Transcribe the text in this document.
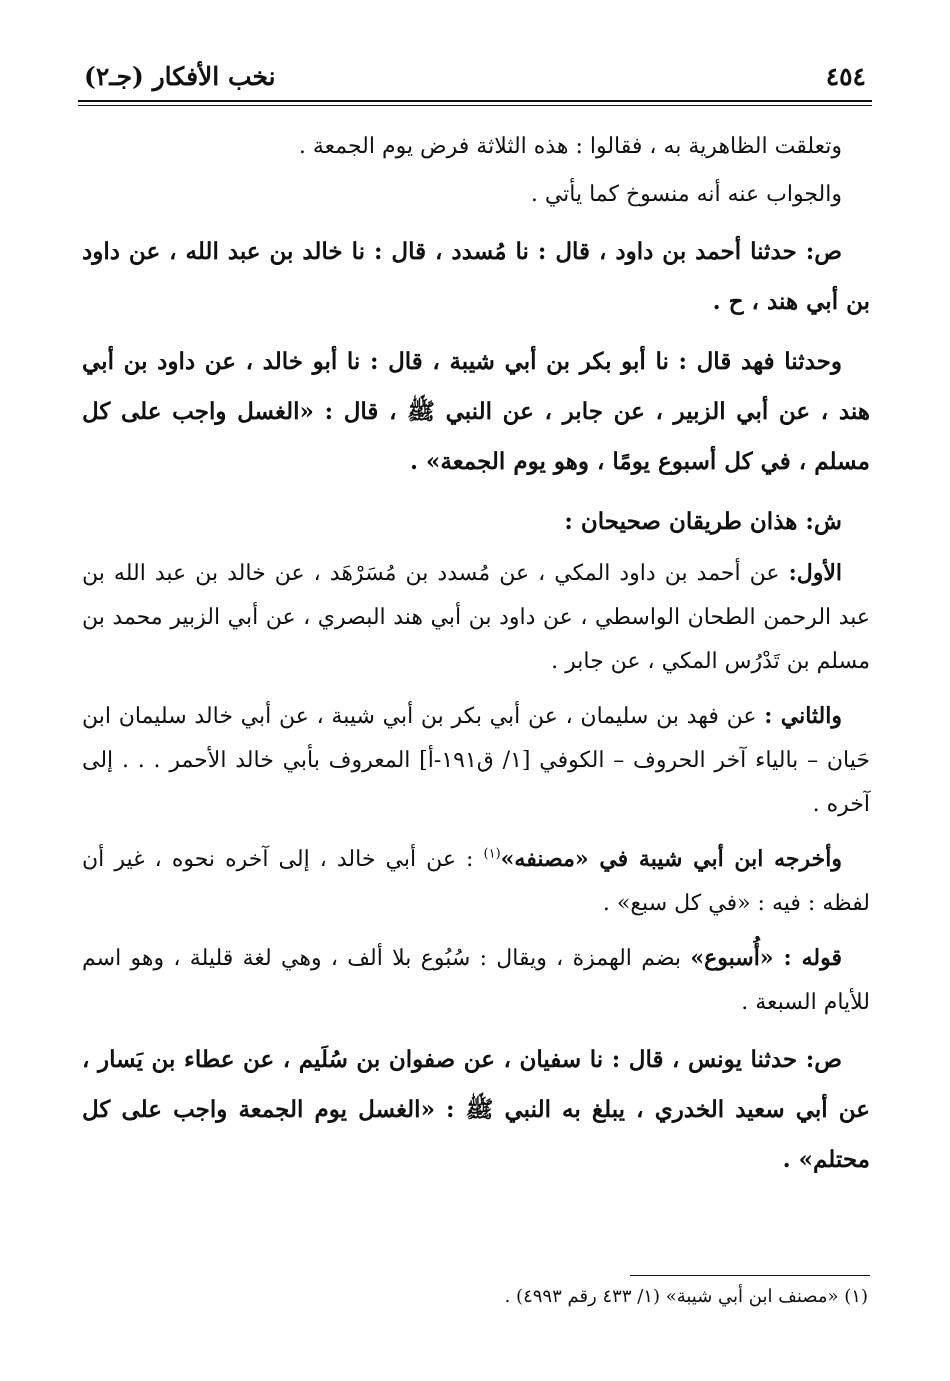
٤٥٤
نخب الأفكار (جـ٢)

وتعلقت الظاهرية به ، فقالوا : هذه الثلاثة فرض يوم الجمعة .

والجواب عنه أنه منسوخ كما يأتي .

ص: حدثنا أحمد بن داود ، قال : نا مُسدد ، قال : نا خالد بن عبد الله ، عن داود بن أبي هند ، ح .

وحدثنا فهد قال : نا أبو بكر بن أبي شيبة ، قال : نا أبو خالد ، عن داود بن أبي هند ، عن أبي الزبير ، عن جابر ، عن النبي ﷺ ، قال : «الغسل واجب على كل مسلم ، في كل أسبوع يومًا ، وهو يوم الجمعة» .

ش: هذان طريقان صحيحان :

الأول: عن أحمد بن داود المكي ، عن مُسدد بن مُسَرْهَد ، عن خالد بن عبد الله بن عبد الرحمن الطحان الواسطي ، عن داود بن أبي هند البصري ، عن أبي الزبير محمد بن مسلم بن تَدْرُس المكي ، عن جابر .

والثاني : عن فهد بن سليمان ، عن أبي بكر بن أبي شيبة ، عن أبي خالد سليمان ابن حَيان – بالياء آخر الحروف – الكوفي [١/ ق١٩١-أ] المعروف بأبي خالد الأحمر . . . إلى آخره .

وأخرجه ابن أبي شيبة في «مصنفه»$^{(١)}$ : عن أبي خالد ، إلى آخره نحوه ، غير أن لفظه : فيه : «في كل سبع» .

قوله : «أُسبوع» بضم الهمزة ، ويقال : سُبُوع بلا ألف ، وهي لغة قليلة ، وهو اسم للأيام السبعة .

ص: حدثنا يونس ، قال : نا سفيان ، عن صفوان بن سُلَيم ، عن عطاء بن يَسار ، عن أبي سعيد الخدري ، يبلغ به النبي ﷺ : «الغسل يوم الجمعة واجب على كل محتلم» .

(١) «مصنف ابن أبي شيبة» (١/ ٤٣٣ رقم ٤٩٩٣) .
